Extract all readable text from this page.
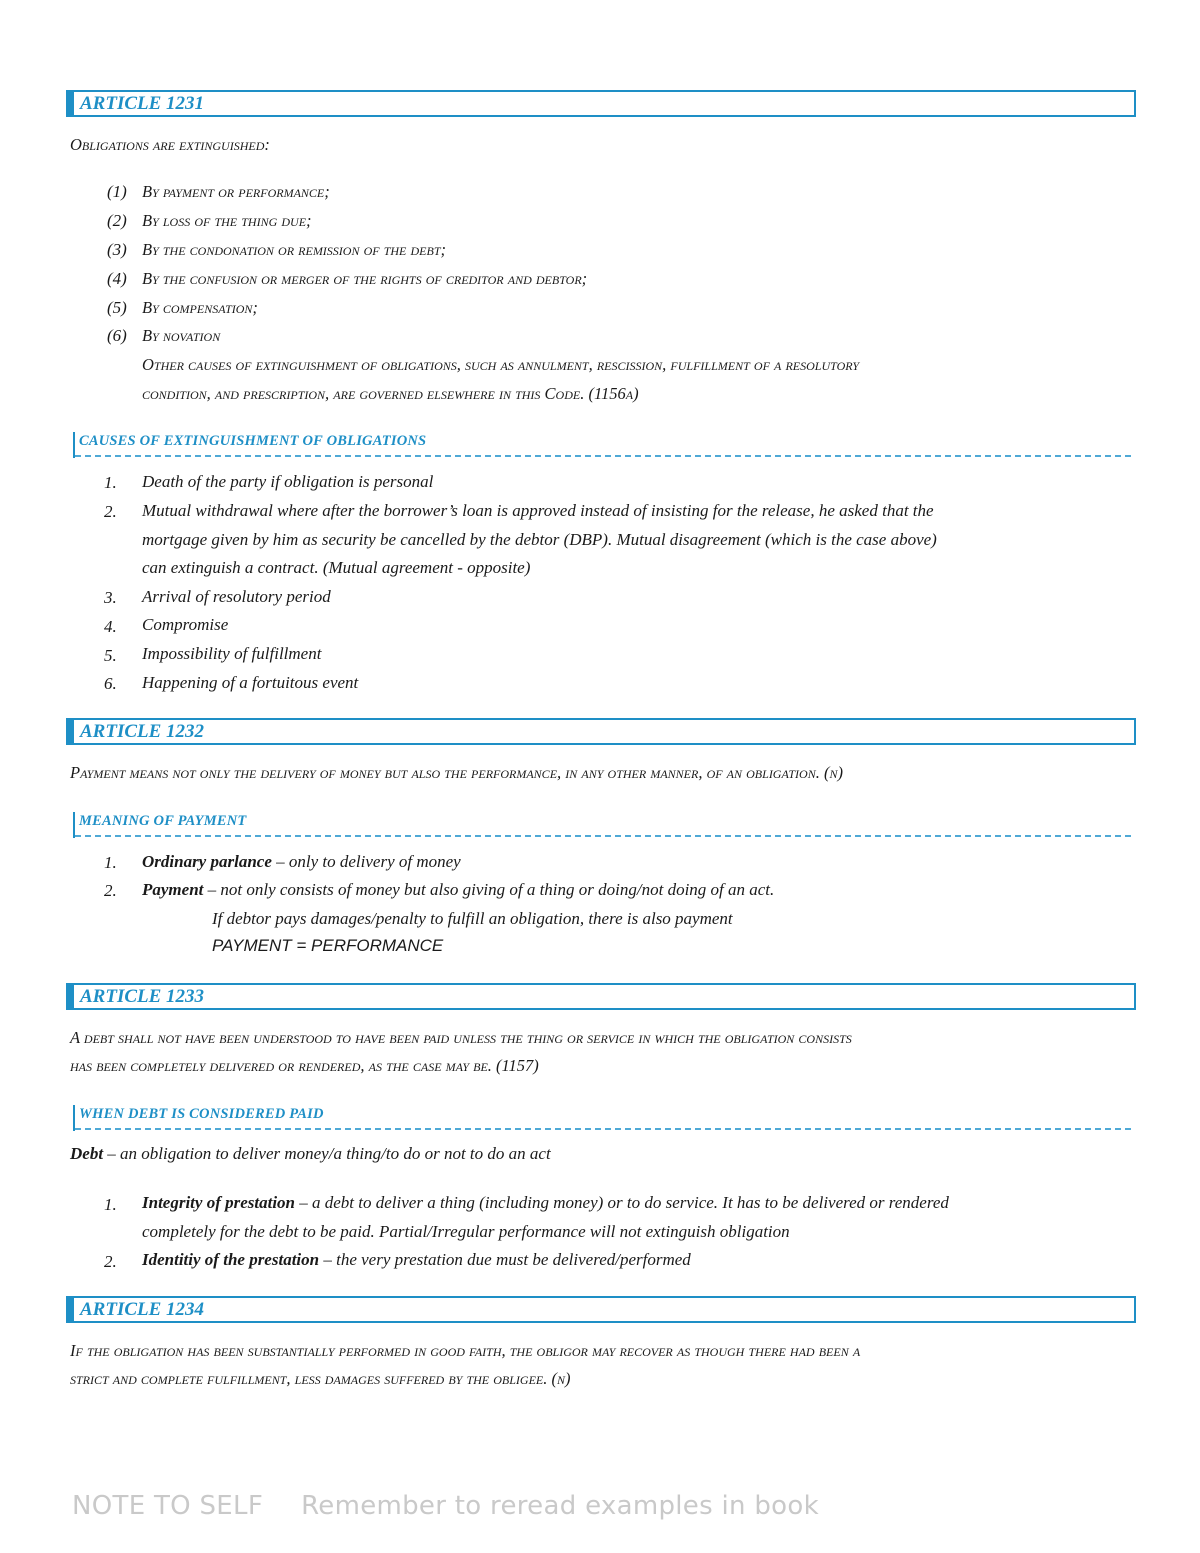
ARTICLE 1231
Obligations are extinguished:
(1) By payment or performance;
(2) By loss of the thing due;
(3) By the condonation or remission of the debt;
(4) By the confusion or merger of the rights of creditor and debtor;
(5) By compensation;
(6) By novation
Other causes of extinguishment of obligations, such as annulment, rescission, fulfillment of a resolutory
condition, and prescription, are governed elsewhere in this Code. (1156a)
CAUSES OF EXTINGUISHMENT OF OBLIGATIONS
1. Death of the party if obligation is personal
2. Mutual withdrawal where after the borrower’s loan is approved instead of insisting for the release, he asked that the
mortgage given by him as security be cancelled by the debtor (DBP). Mutual disagreement (which is the case above)
can extinguish a contract. (Mutual agreement - opposite)
3. Arrival of resolutory period
4. Compromise
5. Impossibility of fulfillment
6. Happening of a fortuitous event
ARTICLE 1232
Payment means not only the delivery of money but also the performance, in any other manner, of an obligation. (n)
MEANING OF PAYMENT
1. Ordinary parlance – only to delivery of money
2. Payment – not only consists of money but also giving of a thing or doing/not doing of an act.
If debtor pays damages/penalty to fulfill an obligation, there is also payment
PAYMENT = PERFORMANCE
ARTICLE 1233
A debt shall not have been understood to have been paid unless the thing or service in which the obligation consists
has been completely delivered or rendered, as the case may be. (1157)
WHEN DEBT IS CONSIDERED PAID
Debt – an obligation to deliver money/a thing/to do or not to do an act
1. Integrity of prestation – a debt to deliver a thing (including money) or to do service. It has to be delivered or rendered
completely for the debt to be paid. Partial/Irregular performance will not extinguish obligation
2. Identitiy of the prestation – the very prestation due must be delivered/performed
ARTICLE 1234
If the obligation has been substantially performed in good faith, the obligor may recover as though there had been a
strict and complete fulfillment, less damages suffered by the obligee. (n)
NOTE TO SELF Remember to reread examples in book
